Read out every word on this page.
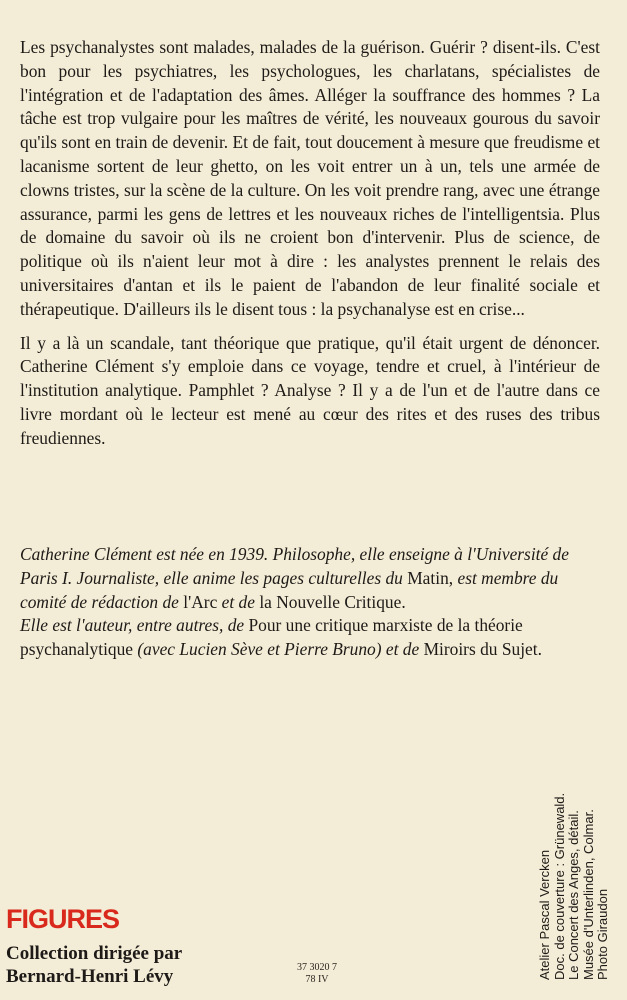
Les psychanalystes sont malades, malades de la guérison. Guérir ? disent-ils. C'est bon pour les psychiatres, les psychologues, les charlatans, spécialistes de l'intégration et de l'adaptation des âmes. Alléger la souffrance des hommes ? La tâche est trop vulgaire pour les maîtres de vérité, les nouveaux gourous du savoir qu'ils sont en train de devenir. Et de fait, tout doucement à mesure que freudisme et lacanisme sortent de leur ghetto, on les voit entrer un à un, tels une armée de clowns tristes, sur la scène de la culture. On les voit prendre rang, avec une étrange assurance, parmi les gens de lettres et les nouveaux riches de l'intelligentsia. Plus de domaine du savoir où ils ne croient bon d'intervenir. Plus de science, de politique où ils n'aient leur mot à dire : les analystes prennent le relais des universitaires d'antan et ils le paient de l'abandon de leur finalité sociale et thérapeutique. D'ailleurs ils le disent tous : la psychanalyse est en crise...

Il y a là un scandale, tant théorique que pratique, qu'il était urgent de dénoncer. Catherine Clément s'y emploie dans ce voyage, tendre et cruel, à l'intérieur de l'institution analytique. Pamphlet ? Analyse ? Il y a de l'un et de l'autre dans ce livre mordant où le lecteur est mené au cœur des rites et des ruses des tribus freudiennes.

Catherine Clément est née en 1939. Philosophe, elle enseigne à l'Université de Paris I. Journaliste, elle anime les pages culturelles du Matin, est membre du comité de rédaction de l'Arc et de la Nouvelle Critique.

Elle est l'auteur, entre autres, de Pour une critique marxiste de la théorie psychanalytique (avec Lucien Sève et Pierre Bruno) et de Miroirs du Sujet.

Atelier Pascal Vercken Doc. de couverture : Grünewald. Le Concert des Anges, détail. Musée d'Unterlinden, Colmar. Photo Giraudon
FIGURES
Collection dirigée par
Bernard-Henri Lévy	37 3020 7
78 IV
